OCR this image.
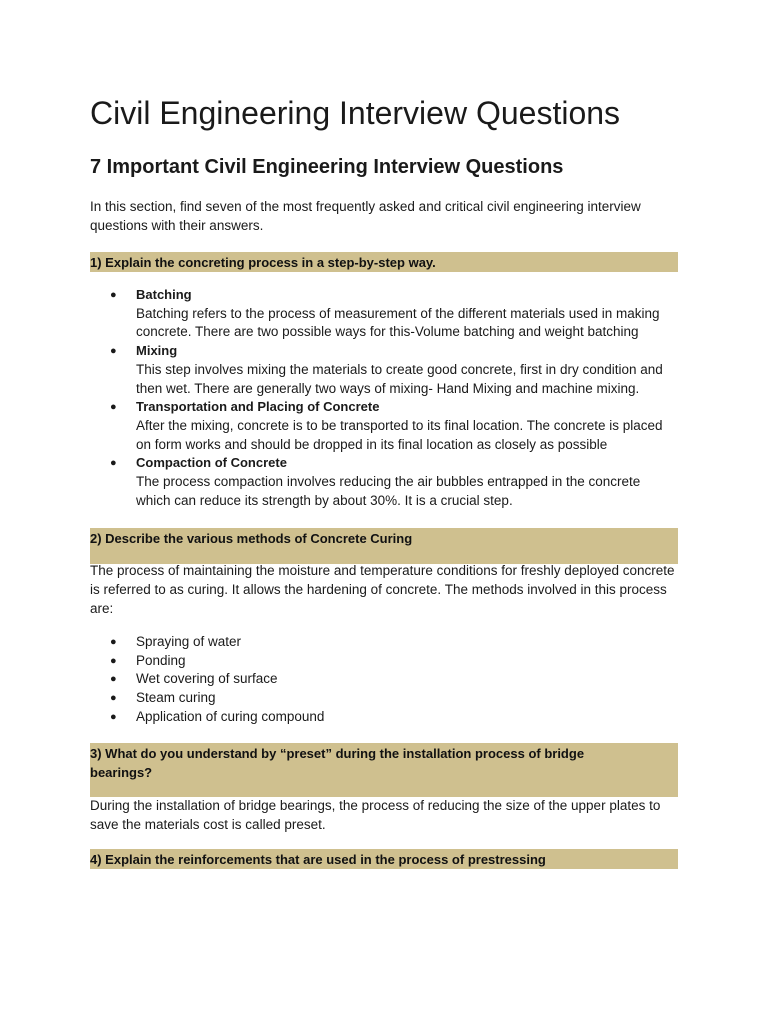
Civil Engineering Interview Questions
7 Important Civil Engineering Interview Questions

In this section, find seven of the most frequently asked and critical civil engineering interview questions with their answers.

1) Explain the concreting process in a step-by-step way.
● Batching
Batching refers to the process of measurement of the different materials used in making concrete. There are two possible ways for this-Volume batching and weight batching
● Mixing
This step involves mixing the materials to create good concrete, first in dry condition and then wet. There are generally two ways of mixing- Hand Mixing and machine mixing.
● Transportation and Placing of Concrete
After the mixing, concrete is to be transported to its final location. The concrete is placed on form works and should be dropped in its final location as closely as possible
● Compaction of Concrete
The process compaction involves reducing the air bubbles entrapped in the concrete which can reduce its strength by about 30%. It is a crucial step.
2) Describe the various methods of Concrete Curing

The process of maintaining the moisture and temperature conditions for freshly deployed concrete is referred to as curing. It allows the hardening of concrete. The methods involved in this process are:

● Spraying of water
● Ponding
● Wet covering of surface
● Steam curing
● Application of curing compound
3) What do you understand by “preset” during the installation process of bridge bearings?

During the installation of bridge bearings, the process of reducing the size of the upper plates to save the materials cost is called preset.

4) Explain the reinforcements that are used in the process of prestressing
